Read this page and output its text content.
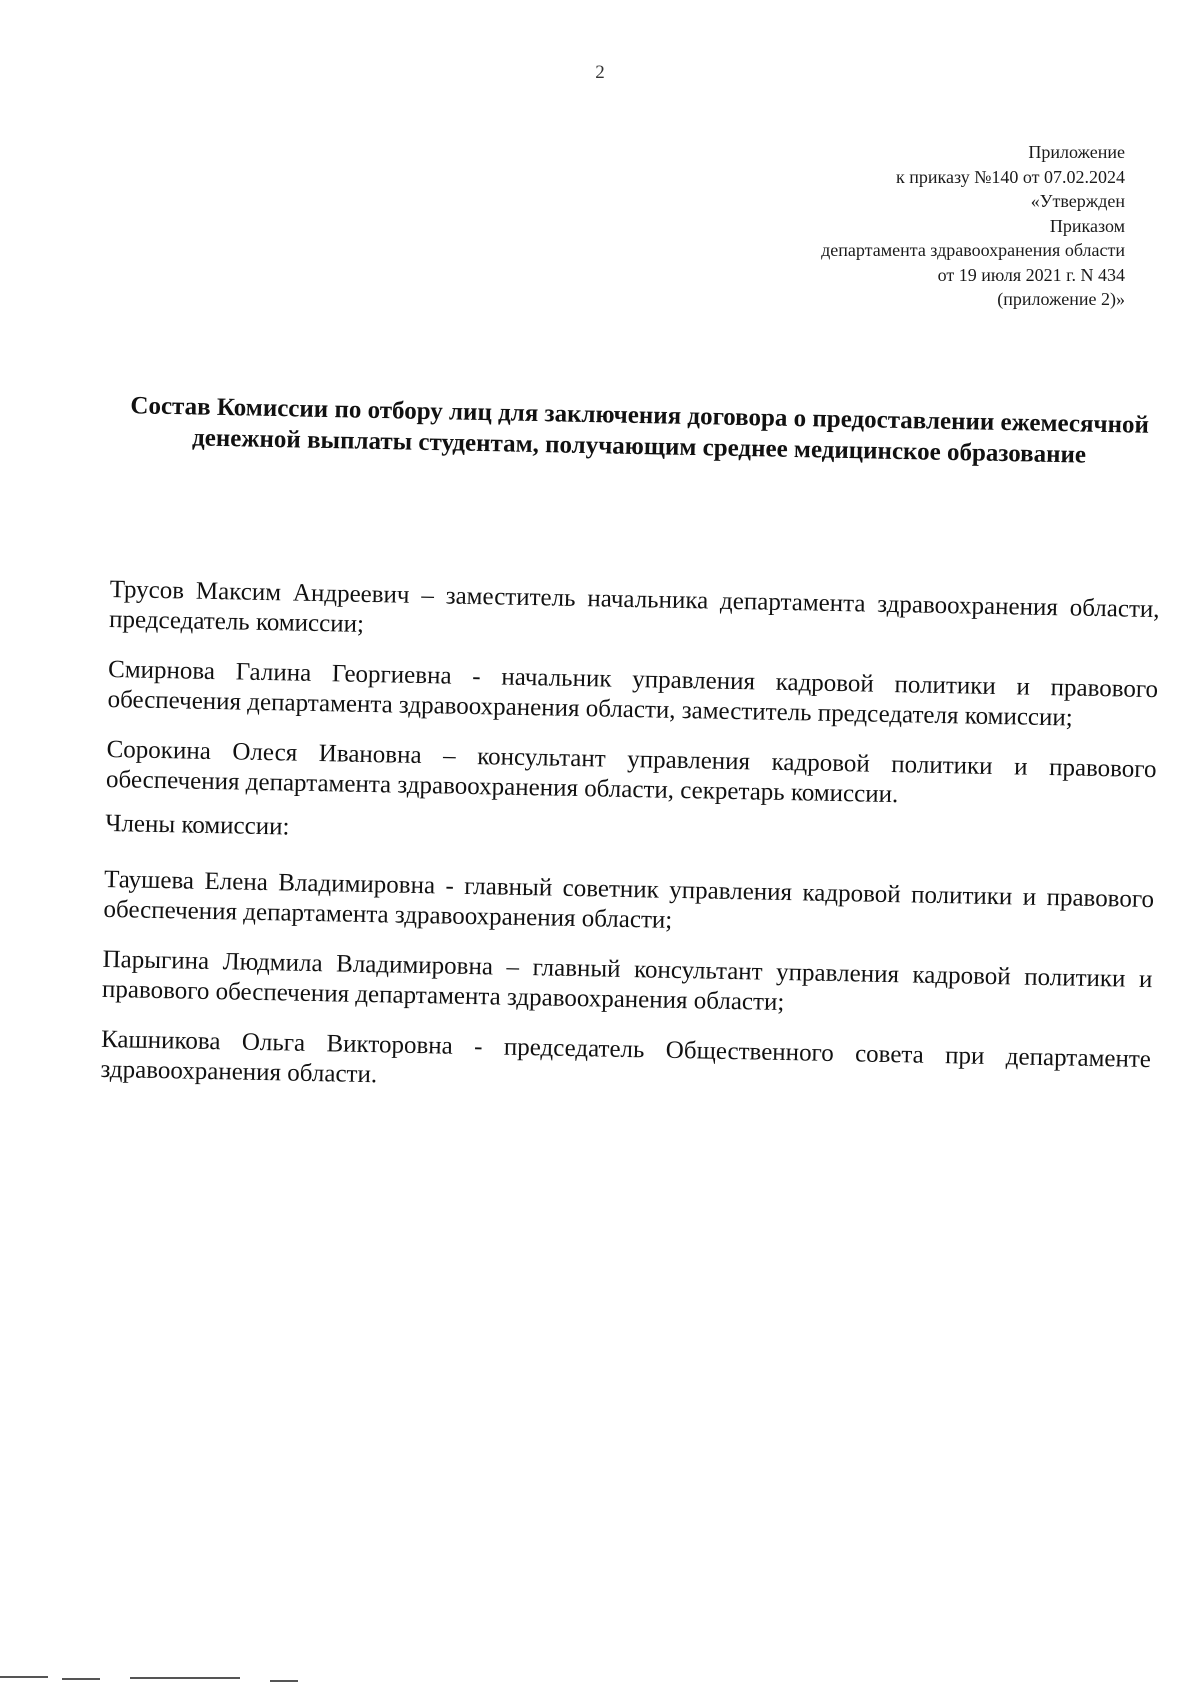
2
Приложение
к приказу №140 от 07.02.2024
«Утвержден
Приказом
департамента здравоохранения области
от 19 июля 2021 г. N 434
(приложение 2)»
Состав Комиссии по отбору лиц для заключения договора о предоставлении ежемесячной денежной выплаты студентам, получающим среднее медицинское образование

Трусов Максим Андреевич – заместитель начальника департамента здравоохранения области, председатель комиссии;

Смирнова Галина Георгиевна - начальник управления кадровой политики и правового обеспечения департамента здравоохранения области, заместитель председателя комиссии;

Сорокина Олеся Ивановна – консультант управления кадровой политики и правового обеспечения департамента здравоохранения области, секретарь комиссии.

Члены комиссии:

Таушева Елена Владимировна - главный советник управления кадровой политики и правового обеспечения департамента здравоохранения области;

Парыгина Людмила Владимировна – главный консультант управления кадровой политики и правового обеспечения департамента здравоохранения области;

Кашникова Ольга Викторовна - председатель Общественного совета при департаменте здравоохранения области.
